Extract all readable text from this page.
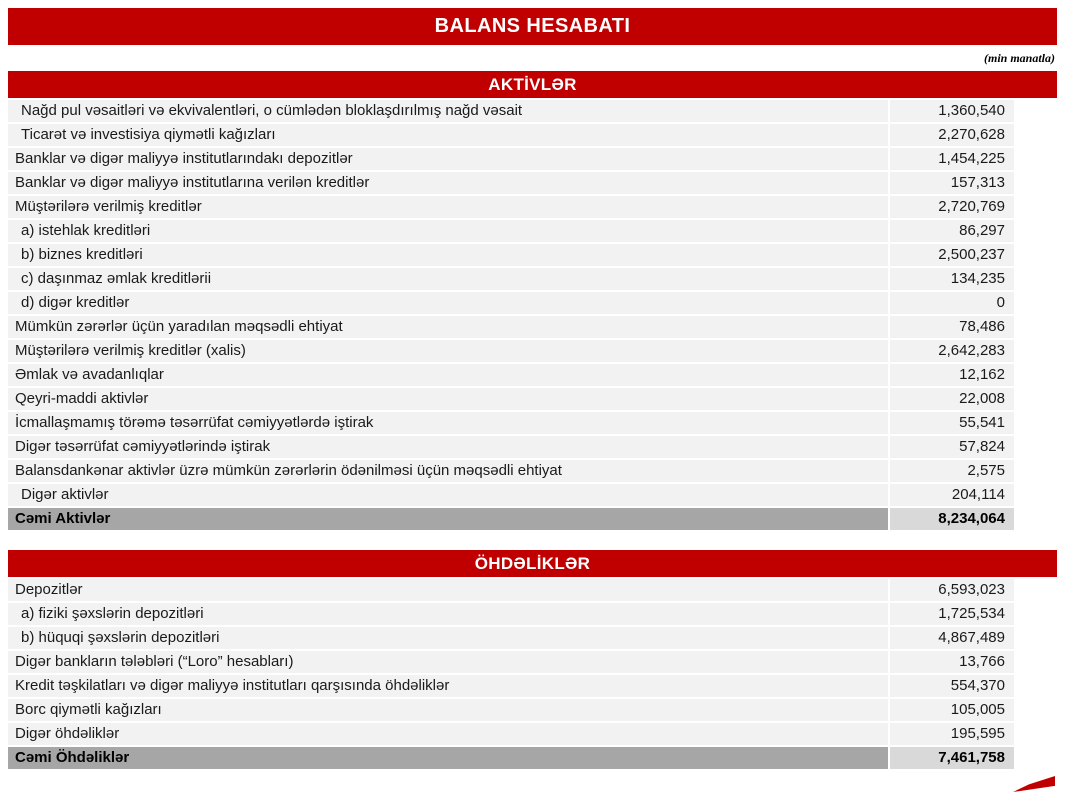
BALANS HESABATI
(min manatla)
AKTİVLƏR
Nağd pul vəsaitləri və ekvivalentləri, o cümlədən bloklaşdırılmış nağd vəsait	1,360,540
Ticarət və investisiya qiymətli kağızları	2,270,628
Banklar və digər maliyyə institutlarındakı depozitlər	1,454,225
Banklar və digər maliyyə institutlarına verilən kreditlər	157,313
Müştərilərə verilmiş kreditlər	2,720,769
a) istehlak kreditləri	86,297
b) biznes kreditləri	2,500,237
c) daşınmaz əmlak kreditlərii	134,235
d) digər kreditlər	0
Mümkün zərərlər üçün yaradılan məqsədli ehtiyat	78,486
Müştərilərə verilmiş kreditlər (xalis)	2,642,283
Əmlak və avadanlıqlar	12,162
Qeyri-maddi aktivlər	22,008
İcmallaşmamış törəmə təsərrüfat cəmiyyətlərdə iştirak	55,541
Digər təsərrüfat cəmiyyətlərində iştirak	57,824
Balansdankənar aktivlər üzrə mümkün zərərlərin ödənilməsi üçün məqsədli ehtiyat	2,575
Digər aktivlər	204,114
Cəmi Aktivlər	8,234,064
ÖHDƏLİKLƏR
Depozitlər	6,593,023
a) fiziki şəxslərin depozitləri	1,725,534
b) hüquqi şəxslərin depozitləri	4,867,489
Digər bankların tələbləri (“Loro” hesabları)	13,766
Kredit təşkilatları və digər maliyyə institutları qarşısında öhdəliklər	554,370
Borc qiymətli kağızları	105,005
Digər öhdəliklər	195,595
Cəmi Öhdəliklər	7,461,758
